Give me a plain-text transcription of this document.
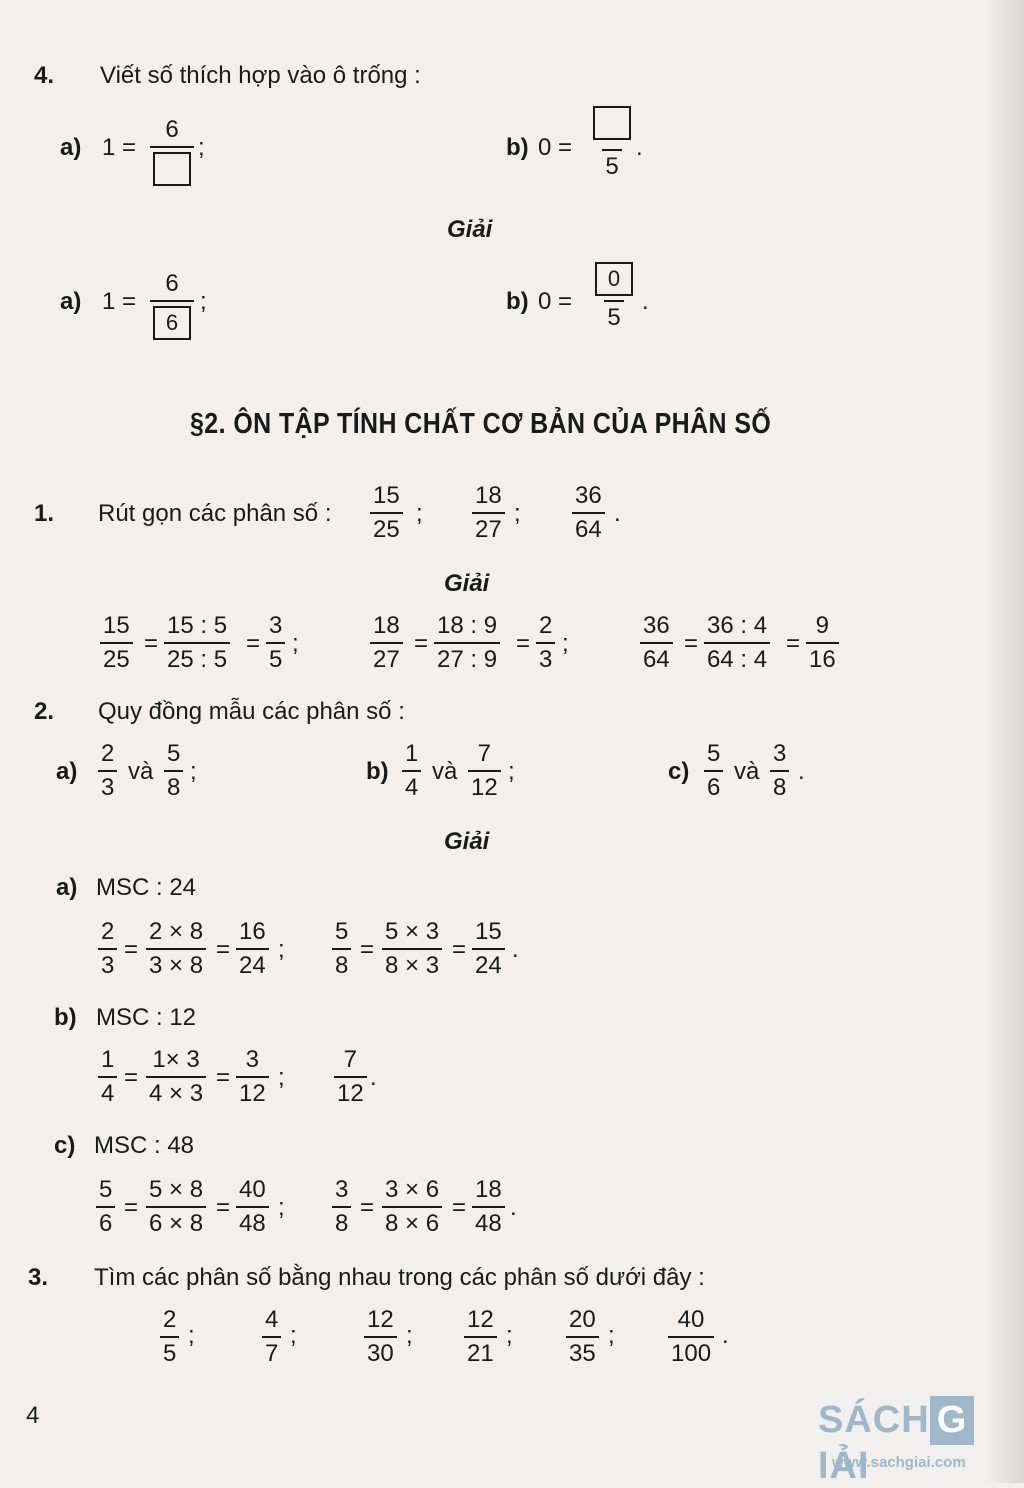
4. Viết số thích hợp vào ô trống :
a) 1 =
6
;	b) 0 =
5
.
Giải
a) $1 = \frac{6}{6}$ ;	b) $0 = \frac{0}{5}$ .
§2. ÔN TẬP TÍNH CHẤT CƠ BẢN CỦA PHÂN SỐ
1. Rút gọn các phân số : $\frac{15}{25}$ ; $\frac{18}{27}$ ; $\frac{36}{64}$ .
Giải
$\frac{15}{25} = \frac{15 : 5}{25 : 5} = \frac{3}{5}$ ;	$\frac{18}{27} = \frac{18 : 9}{27 : 9} = \frac{2}{3}$ ;	$\frac{36}{64} = \frac{36 : 4}{64 : 4} = \frac{9}{16}$
2. Quy đồng mẫu các phân số :
$a) \frac{2}{3}$ và $\frac{5}{8}$ ;	$b) \frac{1}{4}$ và $\frac{7}{12}$ ;	$c) \frac{5}{6}$ và $\frac{3}{8}$ .
Giải
a) MSC : 24
$\frac{2}{3} = \frac{2 \times 8}{3 \times 8} = \frac{16}{24}$ ; $\frac{5}{8} = \frac{5 \times 3}{8 \times 3} = \frac{15}{24}$ .
b) MSC : 12
$\frac{1}{4} = \frac{1\times 3}{4 \times 3} = \frac{3}{12}$ ; $\frac{7}{12}$ .
c) MSC : 48
$\frac{5}{6} = \frac{5 \times 8}{6 \times 8} = \frac{40}{48}$ ; $\frac{3}{8} = \frac{3 \times 6}{8 \times 6} = \frac{18}{48}$ .
3. Tìm các phân số bằng nhau trong các phân số dưới đây :
$\frac{2}{5}$ ;	$\frac{4}{7}$ ;	$\frac{12}{30}$ ; $\frac{12}{21}$ ; $\frac{20}{35}$ ; $\frac{40}{100}$ .
4	SÁCH GIẢI
www.sachgiai.com
